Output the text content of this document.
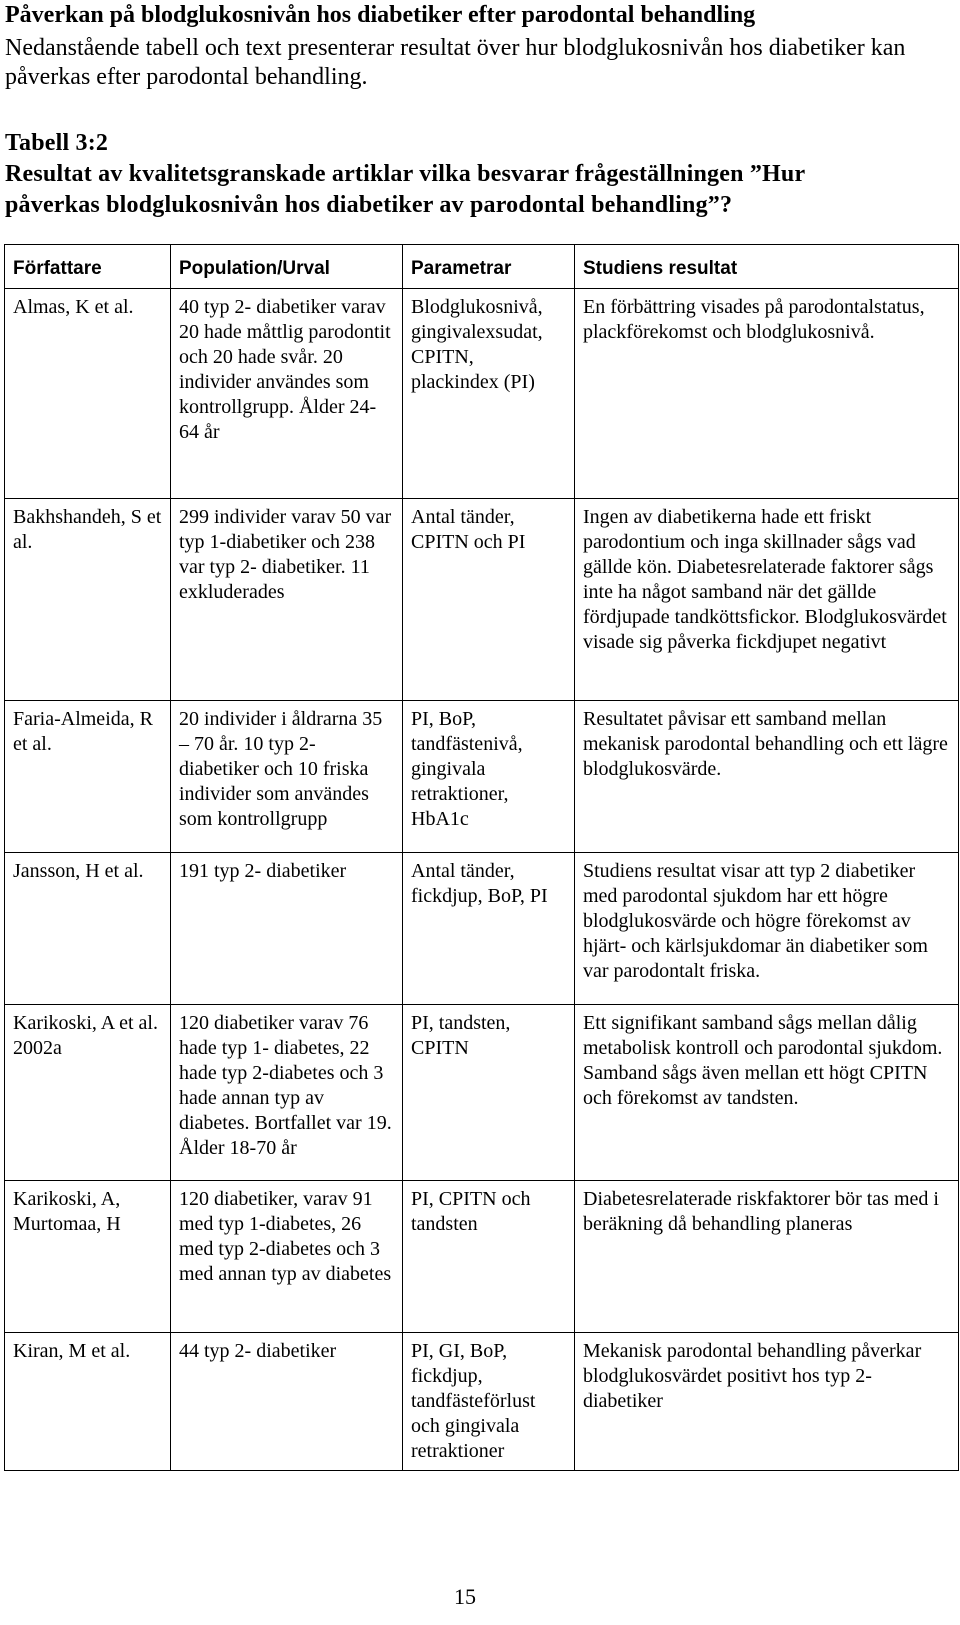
Påverkan på blodglukosnivån hos diabetiker efter parodontal behandling
Nedanstående tabell och text presenterar resultat över hur blodglukosnivån hos diabetiker kan påverkas efter parodontal behandling.
Tabell 3:2
Resultat av kvalitetsgranskade artiklar vilka besvarar frågeställningen ”Hur
påverkas blodglukosnivån hos diabetiker av parodontal behandling”?
Författare	Population/Urval	Parametrar	Studiens resultat
Almas, K et al.	40 typ 2- diabetiker varav 20 hade måttlig parodontit och 20 hade svår. 20 individer användes som kontrollgrupp. Ålder 24-64 år	Blodglukosnivå, gingivalexsudat, CPITN, plackindex (PI)	En förbättring visades på parodontalstatus, plackförekomst och blodglukosnivå.
Bakhshandeh, S et al.	299 individer varav 50 var typ 1-diabetiker och 238 var typ 2- diabetiker. 11 exkluderades	Antal tänder, CPITN och PI	Ingen av diabetikerna hade ett friskt parodontium och inga skillnader sågs vad gällde kön. Diabetesrelaterade faktorer sågs inte ha något samband när det gällde fördjupade tandköttsfickor. Blodglukosvärdet visade sig påverka fickdjupet negativt
Faria-Almeida, R et al.	20 individer i åldrarna 35 – 70 år. 10 typ 2- diabetiker och 10 friska individer som användes som kontrollgrupp	PI, BoP, tandfästenivå, gingivala retraktioner, HbA1c	Resultatet påvisar ett samband mellan mekanisk parodontal behandling och ett lägre blodglukosvärde.
Jansson, H et al.	191 typ 2- diabetiker	Antal tänder, fickdjup, BoP, PI	Studiens resultat visar att typ 2 diabetiker med parodontal sjukdom har ett högre blodglukosvärde och högre förekomst av hjärt- och kärlsjukdomar än diabetiker som var parodontalt friska.
Karikoski, A et al. 2002a	120 diabetiker varav 76 hade typ 1- diabetes, 22 hade typ 2-diabetes och 3 hade annan typ av diabetes. Bortfallet var 19. Ålder 18-70 år	PI, tandsten, CPITN	Ett signifikant samband sågs mellan dålig metabolisk kontroll och parodontal sjukdom. Samband sågs även mellan ett högt CPITN och förekomst av tandsten.
Karikoski, A, Murtomaa, H	120 diabetiker, varav 91 med typ 1-diabetes, 26 med typ 2-diabetes och 3 med annan typ av diabetes	PI, CPITN och tandsten	Diabetesrelaterade riskfaktorer bör tas med i beräkning då behandling planeras
Kiran, M et al.	44 typ 2- diabetiker	PI, GI, BoP, fickdjup, tandfästeförlust och gingivala retraktioner	Mekanisk parodontal behandling påverkar blodglukosvärdet positivt hos typ 2- diabetiker
15
